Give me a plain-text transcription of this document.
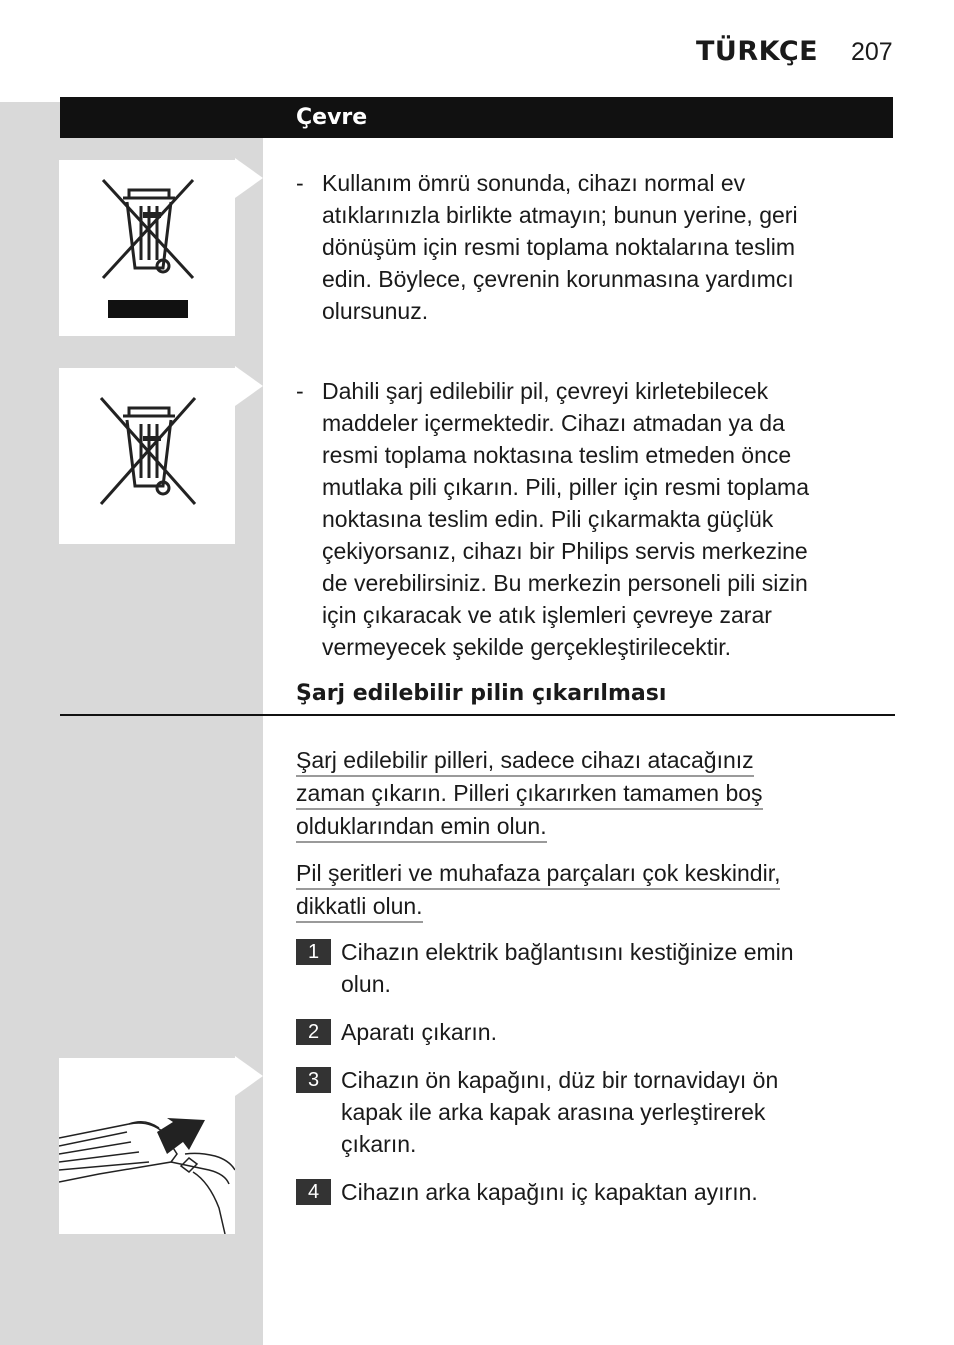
TÜRKÇE 207
Çevre
- Kullanım ömrü sonunda, cihazı normal ev
atıklarınızla birlikte atmayın; bunun yerine, geri
dönüşüm için resmi toplama noktalarına teslim
edin. Böylece, çevrenin korunmasına yardımcı
olursunuz.
- Dahili şarj edilebilir pil, çevreyi kirletebilecek
maddeler içermektedir. Cihazı atmadan ya da
resmi toplama noktasına teslim etmeden önce
mutlaka pili çıkarın. Pili, piller için resmi toplama
noktasına teslim edin. Pili çıkarmakta güçlük
çekiyorsanız, cihazı bir Philips servis merkezine
de verebilirsiniz. Bu merkezin personeli pili sizin
için çıkaracak ve atık işlemleri çevreye zarar
vermeyecek şekilde gerçekleştirilecektir.
Şarj edilebilir pilin çıkarılması
Şarj edilebilir pilleri, sadece cihazı atacağınız
zaman çıkarın. Pilleri çıkarırken tamamen boş
olduklarından emin olun.
Pil şeritleri ve muhafaza parçaları çok keskindir,
dikkatli olun.
1 Cihazın elektrik bağlantısını kestiğinize emin
olun.
2 Aparatı çıkarın.
3 Cihazın ön kapağını, düz bir tornavidayı ön
kapak ile arka kapak arasına yerleştirerek
çıkarın.
4 Cihazın arka kapağını iç kapaktan ayırın.
